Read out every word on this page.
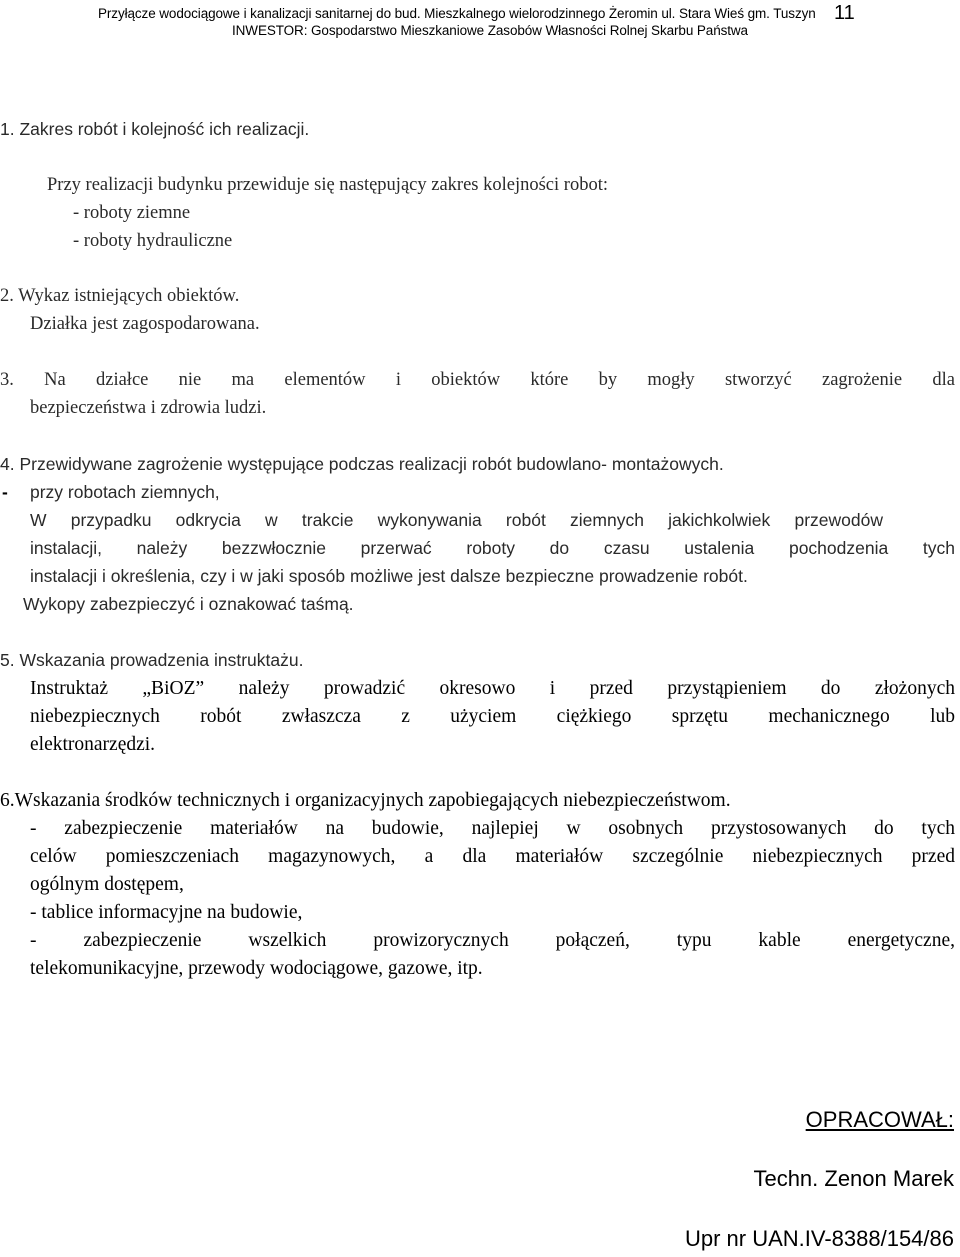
Przyłącze wodociągowe i kanalizacji sanitarnej do bud. Mieszkalnego wielorodzinnego Żeromin ul. Stara Wieś gm. Tuszyn
INWESTOR: Gospodarstwo Mieszkaniowe Zasobów Własności Rolnej Skarbu Państwa
11
1. Zakres robót i kolejność ich realizacji.
Przy realizacji budynku przewiduje się następujący zakres kolejności robot:
- roboty ziemne
- roboty hydrauliczne
2. Wykaz istniejących obiektów.
Działka jest zagospodarowana.
3. Na działce nie ma elementów i obiektów które by mogły stworzyć zagrożenie dla
bezpieczeństwa i zdrowia ludzi.
4. Przewidywane zagrożenie występujące podczas realizacji robót budowlano- montażowych.
- przy robotach ziemnych,
W przypadku odkrycia w trakcie wykonywania robót ziemnych jakichkolwiek przewodów
instalacji, należy bezzwłocznie przerwać roboty do czasu ustalenia pochodzenia tych
instalacji i określenia, czy i w jaki sposób możliwe jest dalsze bezpieczne prowadzenie robót.
Wykopy zabezpieczyć i oznakować taśmą.
5. Wskazania prowadzenia instruktażu.
Instruktaż „BiOZ” należy prowadzić okresowo i przed przystąpieniem do złożonych
niebezpiecznych robót zwłaszcza z użyciem ciężkiego sprzętu mechanicznego lub
elektronarzędzi.
6.Wskazania środków technicznych i organizacyjnych zapobiegających niebezpieczeństwom.
- zabezpieczenie materiałów na budowie, najlepiej w osobnych przystosowanych do tych
celów pomieszczeniach magazynowych, a dla materiałów szczególnie niebezpiecznych przed
ogólnym dostępem,
- tablice informacyjne na budowie,
- zabezpieczenie wszelkich prowizorycznych połączeń, typu kable energetyczne,
telekomunikacyjne, przewody wodociągowe, gazowe, itp.
OPRACOWAŁ:
Techn. Zenon Marek
Upr nr UAN.IV-8388/154/86
